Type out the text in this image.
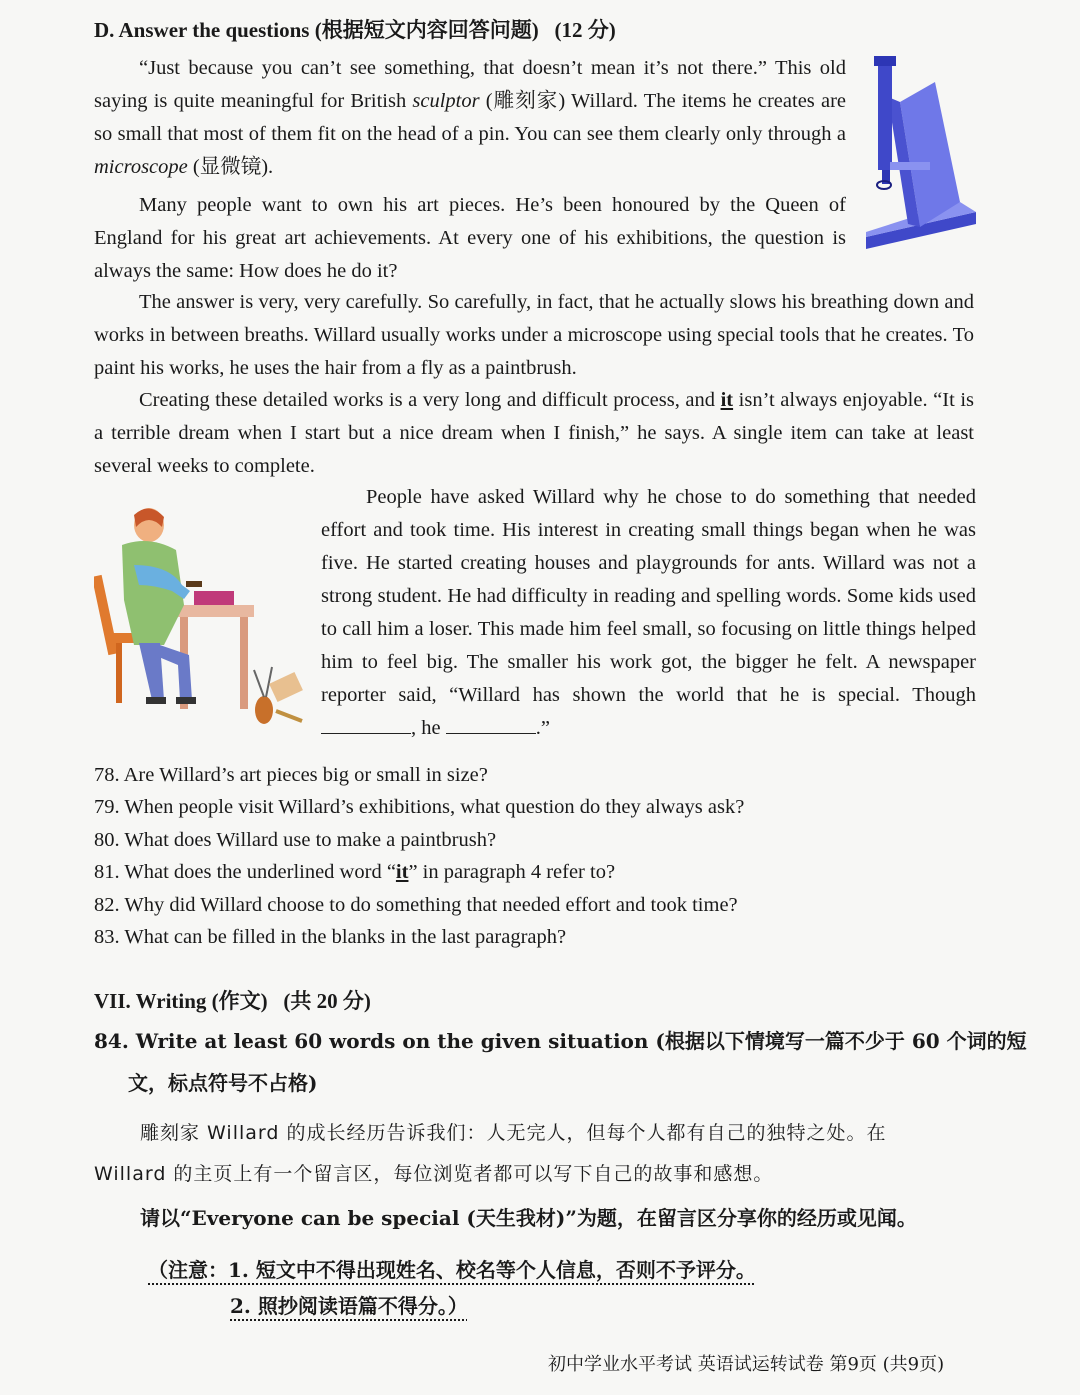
D. Answer the questions (根据短文内容回答问题)   (12 分)
“Just because you can’t see something, that doesn’t mean it’s not there.” This old saying is quite meaningful for British sculptor (雕刻家) Willard. The items he creates are so small that most of them fit on the head of a pin. You can see them clearly only through a microscope (显微镜).
Many people want to own his art pieces. He’s been honoured by the Queen of England for his great art achievements. At every one of his exhibitions, the question is always the same: How does he do it?
The answer is very, very carefully. So carefully, in fact, that he actually slows his breathing down and works in between breaths. Willard usually works under a microscope using special tools that he creates. To paint his works, he uses the hair from a fly as a paintbrush.
Creating these detailed works is a very long and difficult process, and it isn’t always enjoyable. “It is a terrible dream when I start but a nice dream when I finish,” he says. A single item can take at least several weeks to complete.
People have asked Willard why he chose to do something that needed effort and took time. His interest in creating small things began when he was five. He started creating houses and playgrounds for ants. Willard was not a strong student. He had difficulty in reading and spelling words. Some kids used to call him a loser. This made him feel small, so focusing on little things helped him to feel big. The smaller his work got, the bigger he felt. A newspaper reporter said, “Willard has shown the world that he is special. Though , he	.”
78. Are Willard’s art pieces big or small in size?
79. When people visit Willard’s exhibitions, what question do they always ask?
80. What does Willard use to make a paintbrush?
81. What does the underlined word “it” in paragraph 4 refer to?
82. Why did Willard choose to do something that needed effort and took time?
83. What can be filled in the blanks in the last paragraph?
VII. Writing (作文)   (共 20 分)
84. Write at least 60 words on the given situation (根据以下情境写一篇不少于 60 个词的短
文，标点符号不占格)
雕刻家 Willard 的成长经历告诉我们：人无完人，但每个人都有自己的独特之处。在
Willard 的主页上有一个留言区，每位浏览者都可以写下自己的故事和感想。
请以“Everyone can be special (天生我材)”为题，在留言区分享你的经历或见闻。
（注意：1. 短文中不得出现姓名、校名等个人信息，否则不予评分。
2. 照抄阅读语篇不得分。）
初中学业水平考试 英语试运转试卷 第9页 (共9页)
